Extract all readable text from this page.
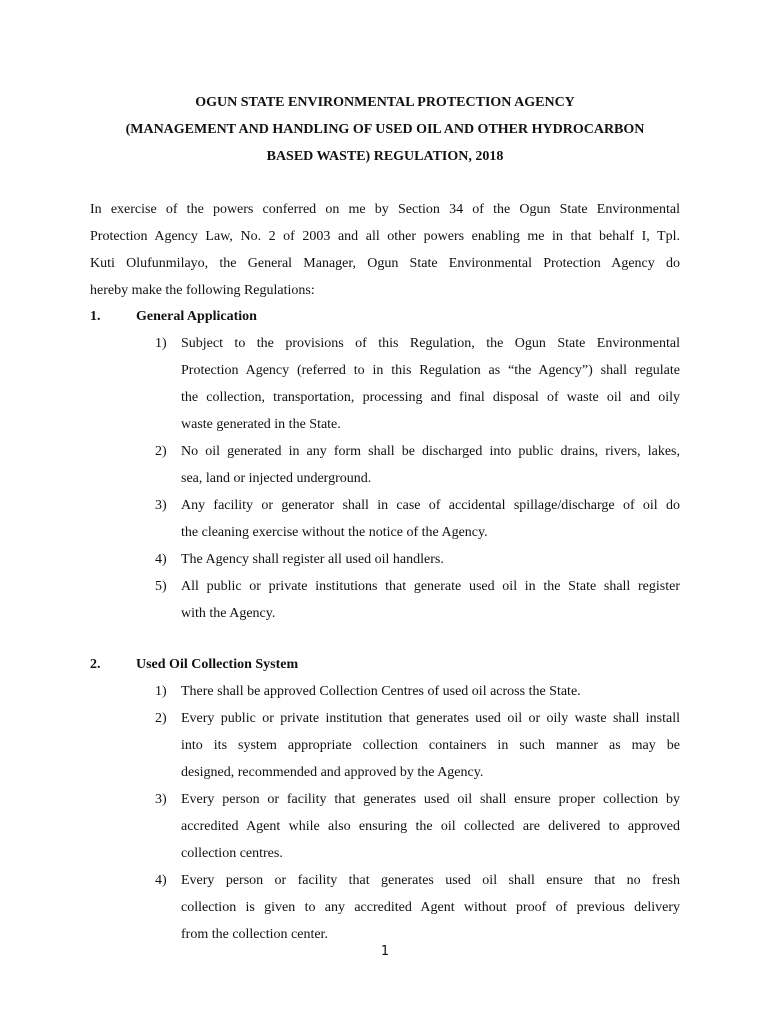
OGUN STATE ENVIRONMENTAL PROTECTION AGENCY
(MANAGEMENT AND HANDLING OF USED OIL AND OTHER HYDROCARBON
BASED WASTE) REGULATION, 2018
In exercise of the powers conferred on me by Section 34 of the Ogun State Environmental
Protection Agency Law, No. 2 of 2003 and all other powers enabling me in that behalf I, Tpl.
Kuti Olufunmilayo, the General Manager, Ogun State Environmental Protection Agency do
hereby make the following Regulations:
1.	General Application
1)	Subject to the provisions of this Regulation, the Ogun State Environmental
Protection Agency (referred to in this Regulation as “the Agency”) shall regulate
the collection, transportation, processing and final disposal of waste oil and oily
waste generated in the State.
2)	No oil generated in any form shall be discharged into public drains, rivers, lakes,
sea, land or injected underground.
3)	Any facility or generator shall in case of accidental spillage/discharge of oil do
the cleaning exercise without the notice of the Agency.
4)	The Agency shall register all used oil handlers.
5)	All public or private institutions that generate used oil in the State shall register
with the Agency.
2.	Used Oil Collection System
1)	There shall be approved Collection Centres of used oil across the State.
2)	Every public or private institution that generates used oil or oily waste shall install
into its system appropriate collection containers in such manner as may be
designed, recommended and approved by the Agency.
3)	Every person or facility that generates used oil shall ensure proper collection by
accredited Agent while also ensuring the oil collected are delivered to approved
collection centres.
4)	Every person or facility that generates used oil shall ensure that no fresh
collection is given to any accredited Agent without proof of previous delivery
from the collection center.
1
